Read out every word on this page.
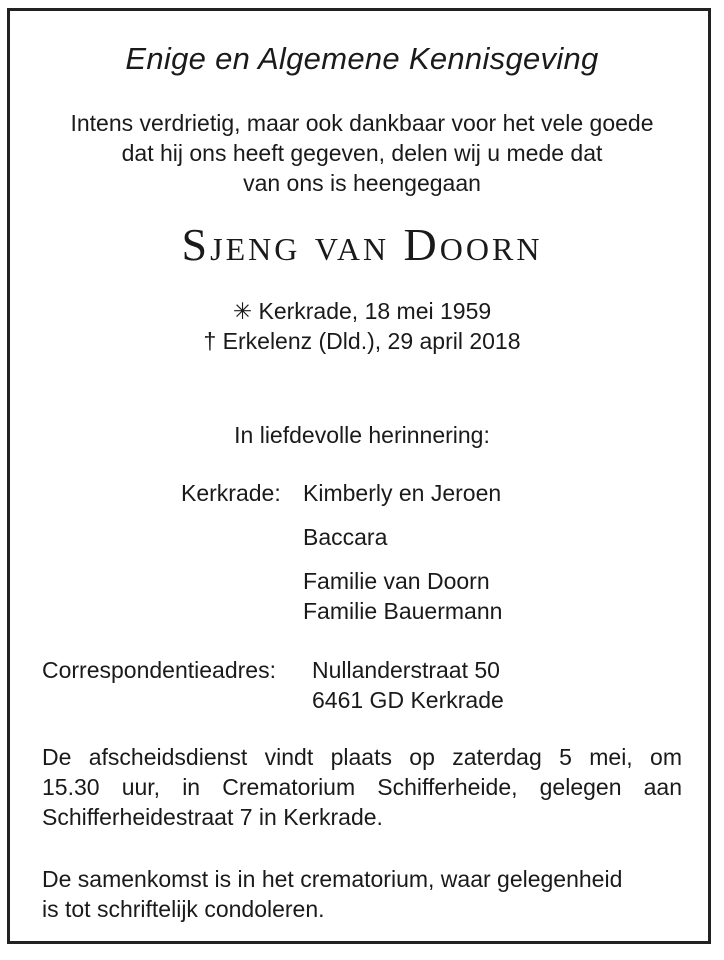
Enige en Algemene Kennisgeving
Intens verdrietig, maar ook dankbaar voor het vele goede
dat hij ons heeft gegeven, delen wij u mede dat
van ons is heengegaan
Sjeng van Doorn
✳ Kerkrade, 18 mei 1959
† Erkelenz (Dld.), 29 april 2018
In liefdevolle herinnering:
Kerkrade: Kimberly en Jeroen
Baccara
Familie van Doorn
Familie Bauermann
Correspondentieadres: Nullanderstraat 50
6461 GD Kerkrade
De afscheidsdienst vindt plaats op zaterdag 5 mei, om
15.30 uur, in Crematorium Schifferheide, gelegen aan
Schifferheidestraat 7 in Kerkrade.
De samenkomst is in het crematorium, waar gelegenheid
is tot schriftelijk condoleren.
